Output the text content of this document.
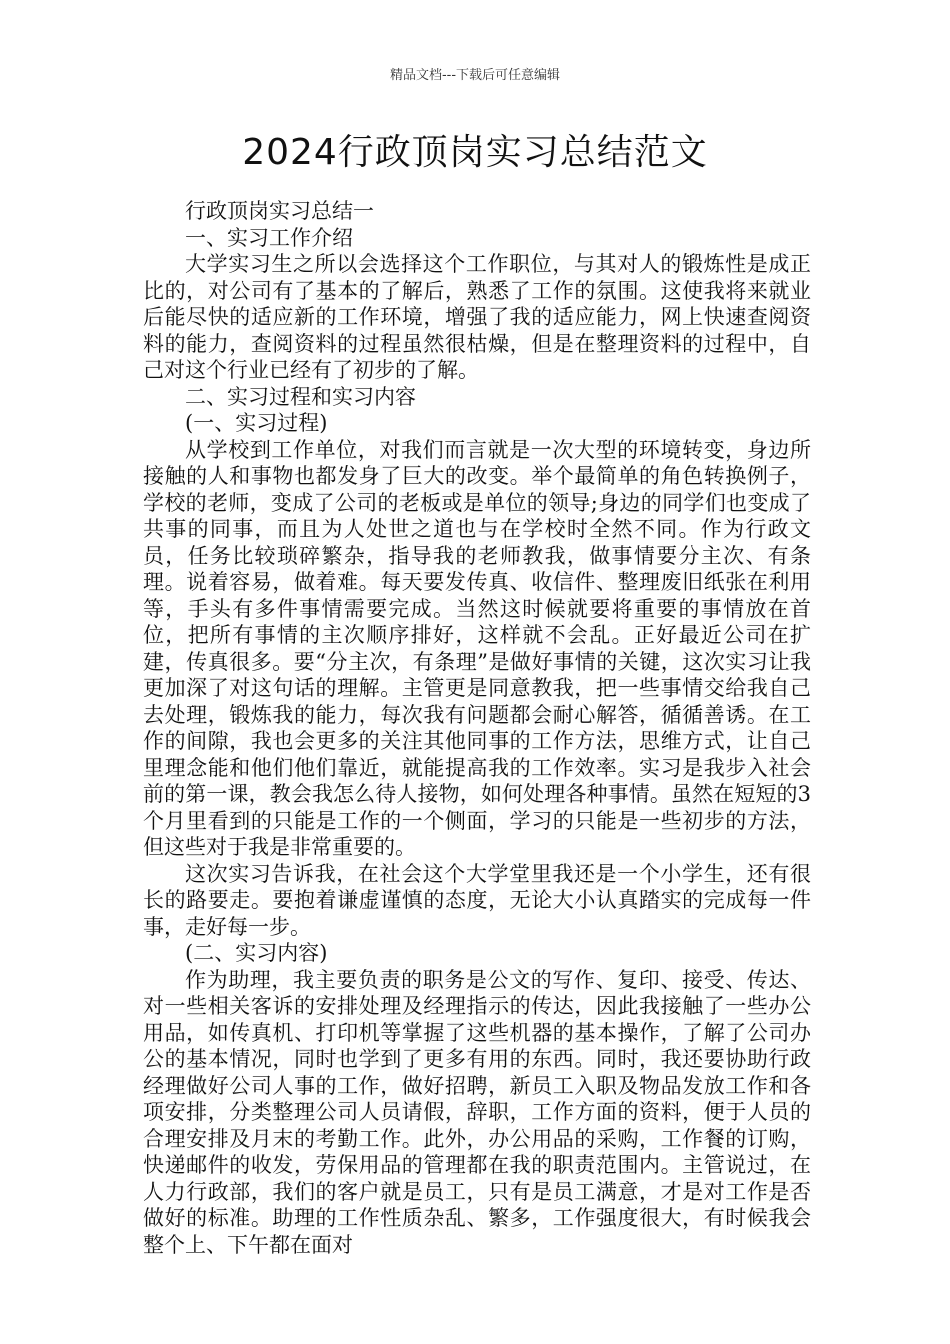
精品文档---下载后可任意编辑
2024行政顶岗实习总结范文

行政顶岗实习总结一

一、实习工作介绍

大学实习生之所以会选择这个工作职位，与其对人的锻炼性是成正比的，对公司有了基本的了解后，熟悉了工作的氛围。这使我将来就业后能尽快的适应新的工作环境，增强了我的适应能力，网上快速查阅资料的能力，查阅资料的过程虽然很枯燥，但是在整理资料的过程中，自己对这个行业已经有了初步的了解。

二、实习过程和实习内容

(一、实习过程)

从学校到工作单位，对我们而言就是一次大型的环境转变，身边所接触的人和事物也都发身了巨大的改变。举个最简单的角色转换例子，学校的老师，变成了公司的老板或是单位的领导;身边的同学们也变成了共事的同事，而且为人处世之道也与在学校时全然不同。作为行政文员，任务比较琐碎繁杂，指导我的老师教我，做事情要分主次、有条理。说着容易，做着难。每天要发传真、收信件、整理废旧纸张在利用等，手头有多件事情需要完成。当然这时候就要将重要的事情放在首位，把所有事情的主次顺序排好，这样就不会乱。正好最近公司在扩建，传真很多。要“分主次，有条理”是做好事情的关键，这次实习让我更加深了对这句话的理解。主管更是同意教我，把一些事情交给我自己去处理，锻炼我的能力，每次我有问题都会耐心解答，循循善诱。在工作的间隙，我也会更多的关注其他同事的工作方法，思维方式，让自己里理念能和他们他们靠近，就能提高我的工作效率。实习是我步入社会前的第一课，教会我怎么待人接物，如何处理各种事情。虽然在短短的3个月里看到的只能是工作的一个侧面，学习的只能是一些初步的方法，但这些对于我是非常重要的。

这次实习告诉我，在社会这个大学堂里我还是一个小学生，还有很长的路要走。要抱着谦虚谨慎的态度，无论大小认真踏实的完成每一件事，走好每一步。

(二、实习内容)

作为助理，我主要负责的职务是公文的写作、复印、接受、传达、对一些相关客诉的安排处理及经理指示的传达，因此我接触了一些办公用品，如传真机、打印机等掌握了这些机器的基本操作，了解了公司办公的基本情况，同时也学到了更多有用的东西。同时，我还要协助行政经理做好公司人事的工作，做好招聘，新员工入职及物品发放工作和各项安排，分类整理公司人员请假，辞职，工作方面的资料，便于人员的合理安排及月末的考勤工作。此外，办公用品的采购，工作餐的订购，快递邮件的收发，劳保用品的管理都在我的职责范围内。主管说过，在人力行政部，我们的客户就是员工，只有是员工满意，才是对工作是否做好的标准。助理的工作性质杂乱、繁多，工作强度很大，有时候我会整个上、下午都在面对
